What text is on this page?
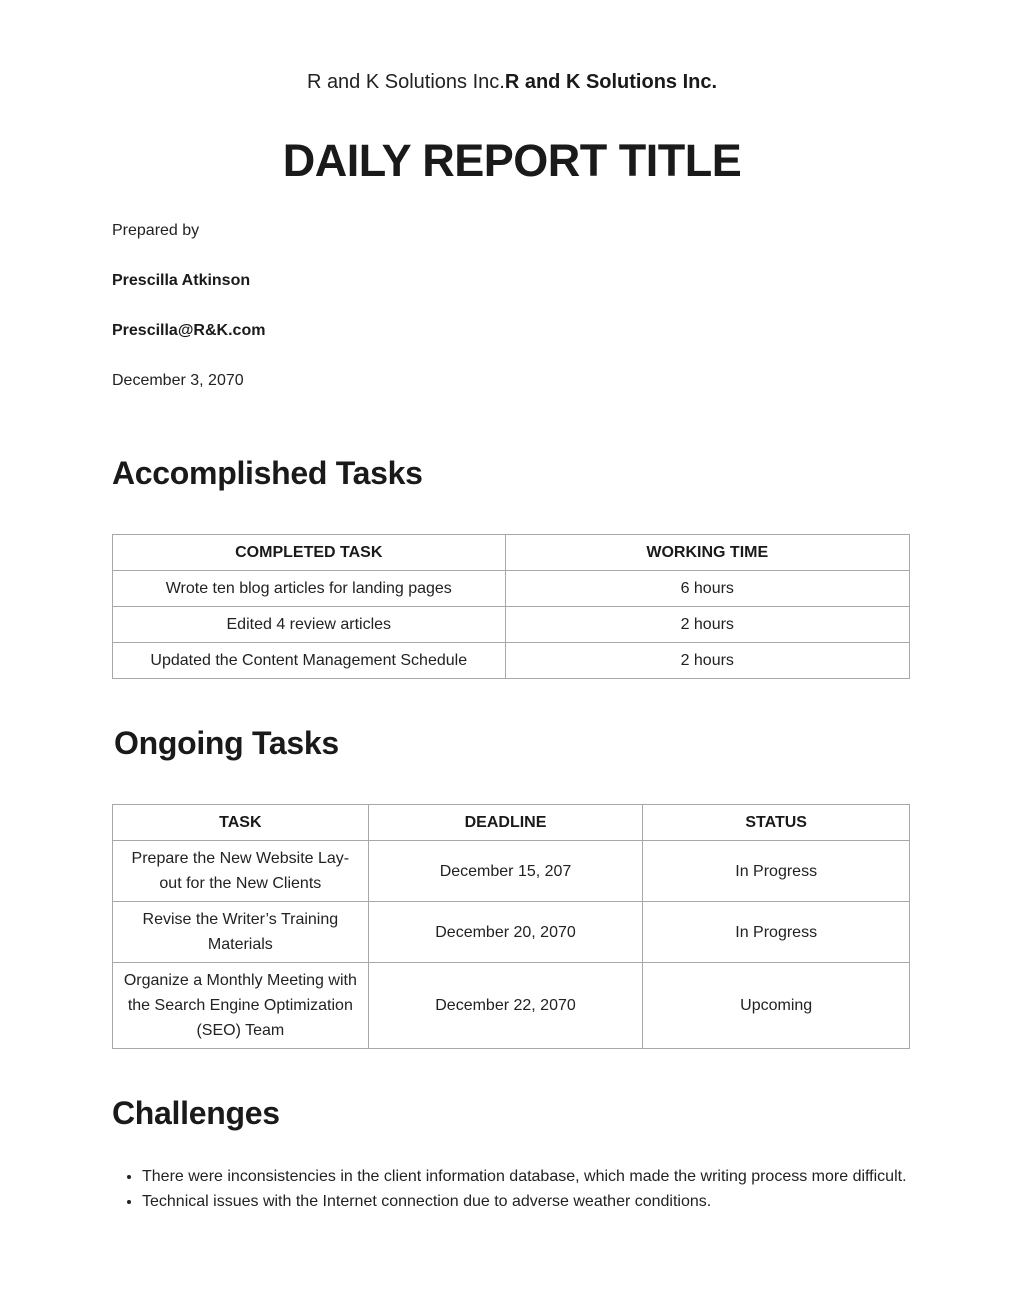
R and K Solutions Inc.R and K Solutions Inc.
DAILY REPORT TITLE
Prepared by
Prescilla Atkinson
Prescilla@R&K.com
December 3, 2070
Accomplished Tasks
COMPLETED TASK	WORKING TIME
Wrote ten blog articles for landing pages	6 hours
Edited 4 review articles	2 hours
Updated the Content Management Schedule	2 hours
Ongoing Tasks
TASK	DEADLINE	STATUS
Prepare the New Website Lay-out for the New Clients	December 15, 207	In Progress
Revise the Writer’s Training Materials	December 20, 2070	In Progress
Organize a Monthly Meeting with the Search Engine Optimization (SEO) Team	December 22, 2070	Upcoming
Challenges
• There were inconsistencies in the client information database, which made the writing process more difficult.
• Technical issues with the Internet connection due to adverse weather conditions.
